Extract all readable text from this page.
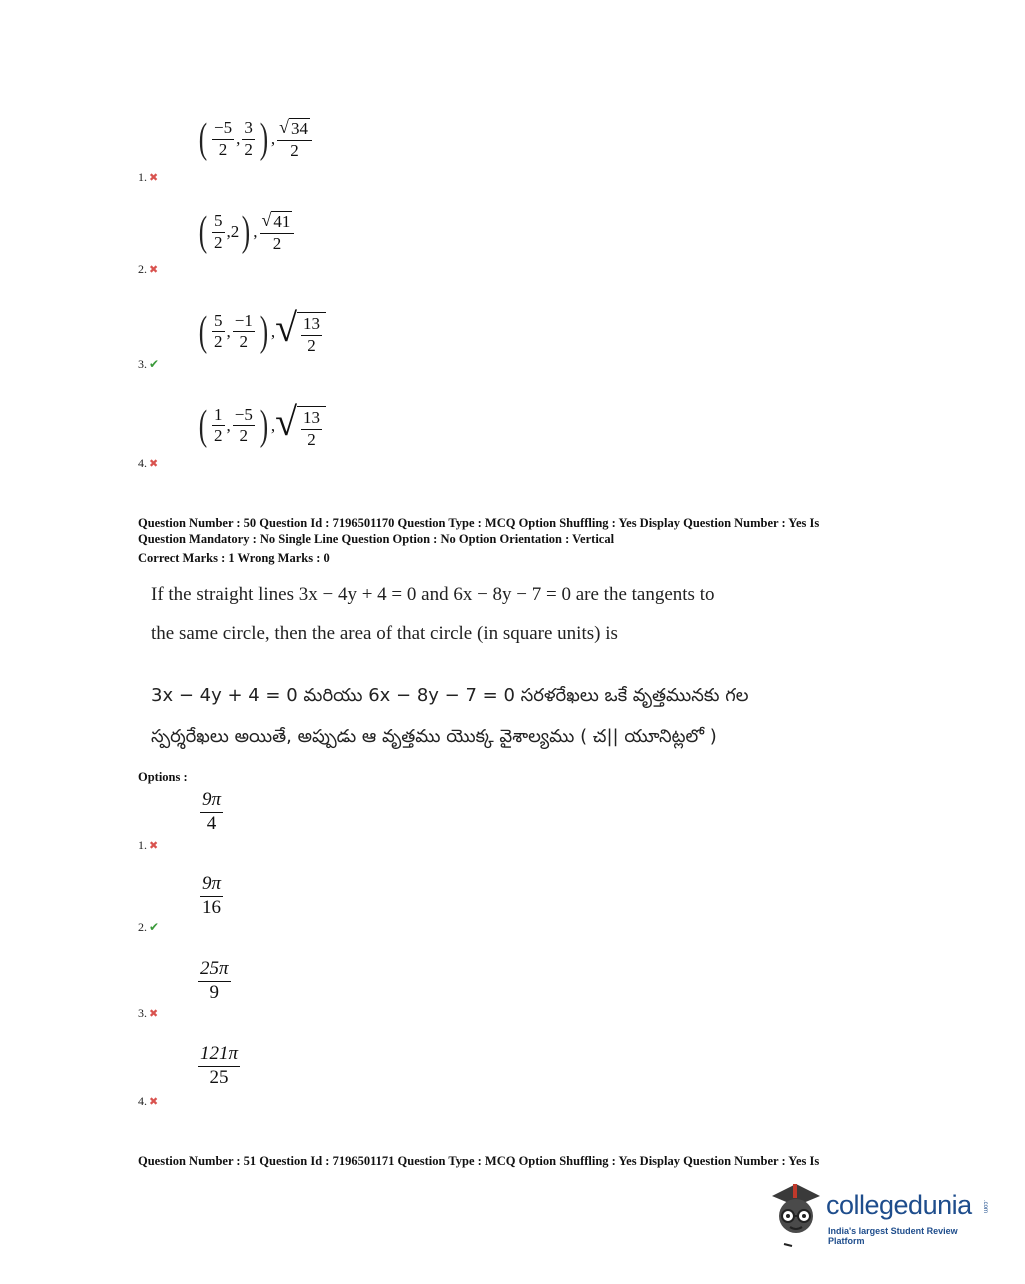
( $\frac{-5}{2}$ , $\frac{3}{2}$ ) , $\frac{√ 34}{2}$
1. ✖
( $\frac{5}{2}$ , 2 ) , $\frac{√ 41}{2}$
2. ✖
( $\frac{5}{2}$ , $\frac{-1}{2}$ ) , √ $\frac{13}{2}$
3. ✔
( $\frac{1}{2}$ , $\frac{-5}{2}$ ) , √ $\frac{13}{2}$
4. ✖
Question Number : 50 Question Id : 7196501170 Question Type : MCQ Option Shuffling : Yes Display Question Number : Yes Is
Question Mandatory : No Single Line Question Option : No Option Orientation : Vertical
Correct Marks : 1 Wrong Marks : 0
If the straight lines 3x − 4y + 4 = 0 and 6x − 8y − 7 = 0 are the tangents to
the same circle, then the area of that circle (in square units) is
3x − 4y + 4 = 0 మరియు 6x − 8y − 7 = 0 సరళరేఖలు ఒకే వృత్తమునకు గల
స్పర్శరేఖలు అయితే, అప్పుడు ఆ వృత్తము యొక్క వైశాల్యము ( చ|| యూనిట్లలో )
Options :
$\frac{9\pi}{4}$
1. ✖
$\frac{9\pi}{16}$
2. ✔
$\frac{25\pi}{9}$
3. ✖
$\frac{121\pi}{25}$
4. ✖
Question Number : 51 Question Id : 7196501171 Question Type : MCQ Option Shuffling : Yes Display Question Number : Yes Is
collegedunia .com
India's largest Student Review Platform
